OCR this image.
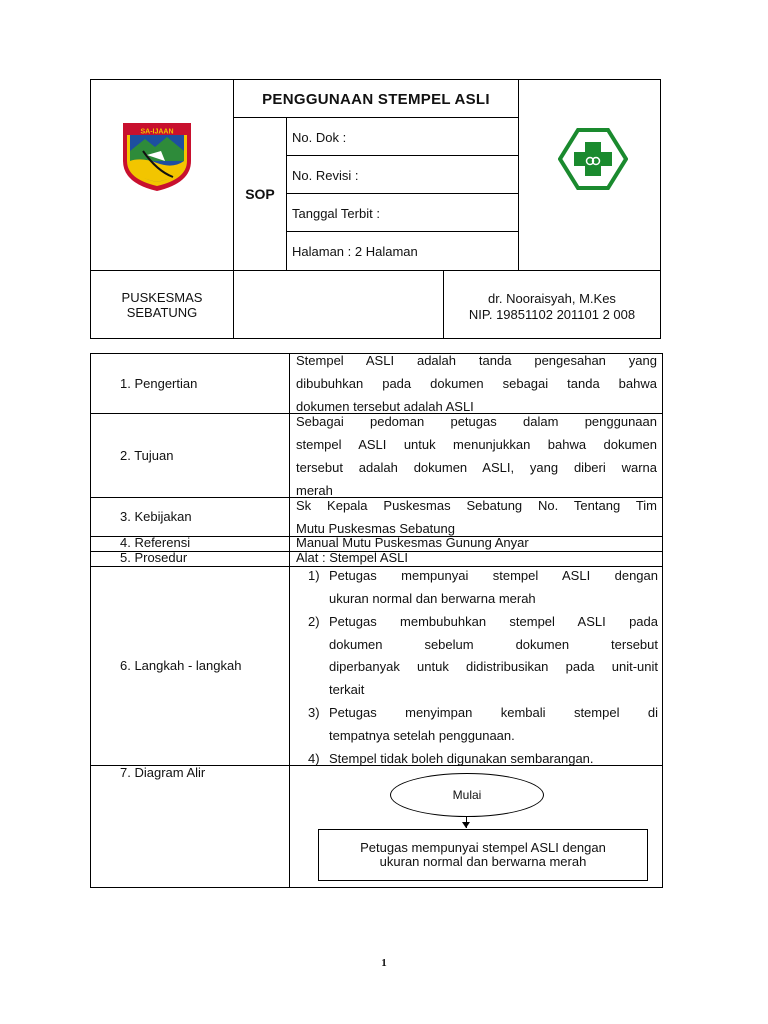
SA-IJAAN
PENGGUNAAN STEMPEL ASLI
SOP
No. Dok :
No. Revisi :
Tanggal Terbit :
Halaman : 2 Halaman
PUSKESMAS
SEBATUNG
dr. Nooraisyah, M.Kes
NIP. 19851102 201101 2 008
1. Pengertian
Stempel ASLI adalah tanda pengesahan yang
dibubuhkan pada dokumen sebagai tanda bahwa
dokumen tersebut adalah ASLI
2. Tujuan
Sebagai pedoman petugas dalam penggunaan
stempel ASLI untuk menunjukkan bahwa dokumen
tersebut adalah dokumen ASLI, yang diberi warna
merah
3. Kebijakan
Sk Kepala Puskesmas Sebatung No. Tentang Tim
Mutu Puskesmas Sebatung
4. Referensi	Manual Mutu Puskesmas Gunung Anyar
5. Prosedur	Alat : Stempel ASLI
6. Langkah - langkah
1) Petugas mempunyai stempel ASLI dengan
ukuran normal dan berwarna merah
2) Petugas membubuhkan stempel ASLI pada
dokumen sebelum dokumen tersebut
diperbanyak untuk didistribusikan pada unit-unit
terkait
3) Petugas menyimpan kembali stempel di
tempatnya setelah penggunaan.
4) Stempel tidak boleh digunakan sembarangan.
7. Diagram Alir
Mulai
Petugas mempunyai stempel ASLI dengan
ukuran normal dan berwarna merah
1
